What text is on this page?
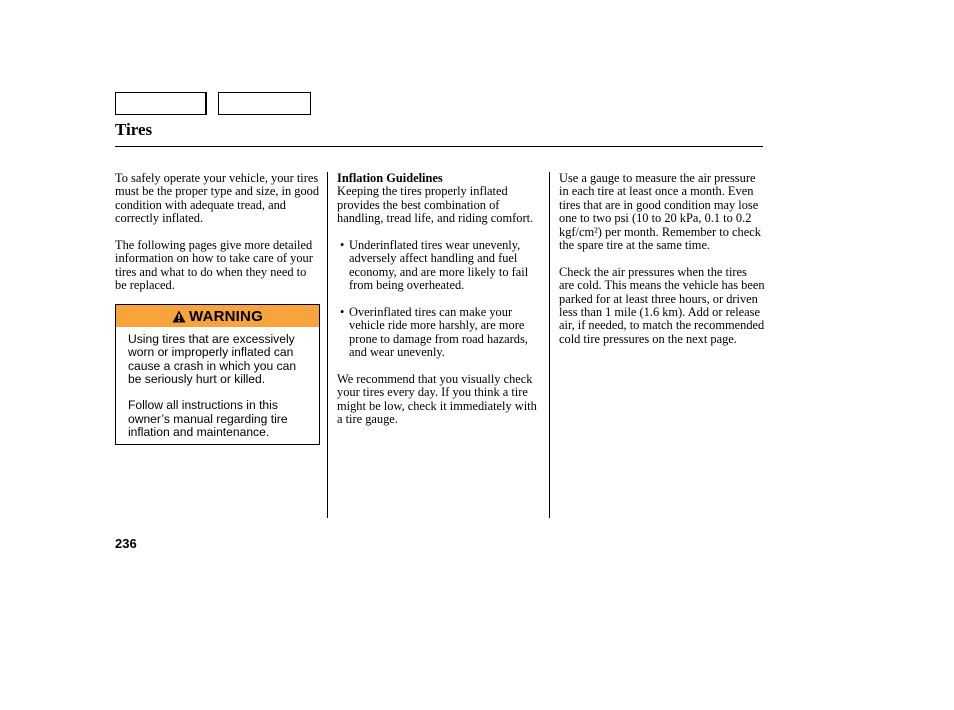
Tires

To safely operate your vehicle, your tires must be the proper type and size, in good condition with adequate tread, and correctly inflated.

The following pages give more detailed information on how to take care of your tires and what to do when they need to be replaced.

WARNING

Using tires that are excessively worn or improperly inflated can cause a crash in which you can be seriously hurt or killed.

Follow all instructions in this owner’s manual regarding tire inflation and maintenance.

Inflation Guidelines
Keeping the tires properly inflated provides the best combination of handling, tread life, and riding comfort.

• Underinflated tires wear unevenly, adversely affect handling and fuel economy, and are more likely to fail from being overheated.
• Overinflated tires can make your vehicle ride more harshly, are more prone to damage from road hazards, and wear unevenly.

We recommend that you visually check your tires every day. If you think a tire might be low, check it immediately with a tire gauge.

Use a gauge to measure the air pressure in each tire at least once a month. Even tires that are in good condition may lose one to two psi (10 to 20 kPa, 0.1 to 0.2 kgf/cm²) per month. Remember to check the spare tire at the same time.

Check the air pressures when the tires are cold. This means the vehicle has been parked for at least three hours, or driven less than 1 mile (1.6 km). Add or release air, if needed, to match the recommended cold tire pressures on the next page.

236
